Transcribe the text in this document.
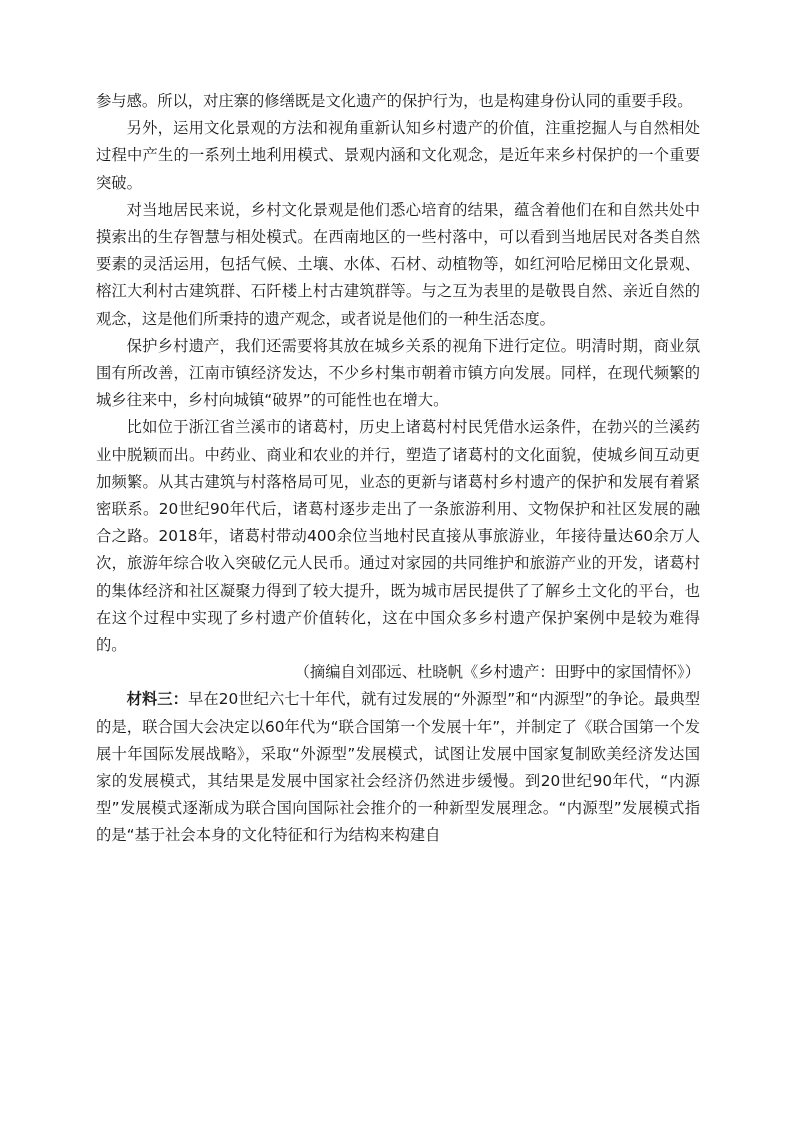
参与感。所以，对庄寨的修缮既是文化遗产的保护行为，也是构建身份认同的重要手段。

另外，运用文化景观的方法和视角重新认知乡村遗产的价值，注重挖掘人与自然相处过程中产生的一系列土地利用模式、景观内涵和文化观念，是近年来乡村保护的一个重要突破。

对当地居民来说，乡村文化景观是他们悉心培育的结果，蕴含着他们在和自然共处中摸索出的生存智慧与相处模式。在西南地区的一些村落中，可以看到当地居民对各类自然要素的灵活运用，包括气候、土壤、水体、石材、动植物等，如红河哈尼梯田文化景观、榕江大利村古建筑群、石阡楼上村古建筑群等。与之互为表里的是敬畏自然、亲近自然的观念，这是他们所秉持的遗产观念，或者说是他们的一种生活态度。

保护乡村遗产，我们还需要将其放在城乡关系的视角下进行定位。明清时期，商业氛围有所改善，江南市镇经济发达，不少乡村集市朝着市镇方向发展。同样，在现代频繁的城乡往来中，乡村向城镇“破界”的可能性也在增大。

比如位于浙江省兰溪市的诸葛村，历史上诸葛村村民凭借水运条件，在勃兴的兰溪药业中脱颖而出。中药业、商业和农业的并行，塑造了诸葛村的文化面貌，使城乡间互动更加频繁。从其古建筑与村落格局可见，业态的更新与诸葛村乡村遗产的保护和发展有着紧密联系。20世纪90年代后，诸葛村逐步走出了一条旅游利用、文物保护和社区发展的融合之路。2018年，诸葛村带动400余位当地村民直接从事旅游业，年接待量达60余万人次，旅游年综合收入突破亿元人民币。通过对家园的共同维护和旅游产业的开发，诸葛村的集体经济和社区凝聚力得到了较大提升，既为城市居民提供了了解乡土文化的平台，也在这个过程中实现了乡村遗产价值转化，这在中国众多乡村遗产保护案例中是较为难得的。

（摘编自刘邵远、杜晓帆《乡村遗产：田野中的家国情怀》）

材料三：早在20世纪六七十年代，就有过发展的“外源型”和“内源型”的争论。最典型的是，联合国大会决定以60年代为“联合国第一个发展十年”，并制定了《联合国第一个发展十年国际发展战略》，采取“外源型”发展模式，试图让发展中国家复制欧美经济发达国家的发展模式，其结果是发展中国家社会经济仍然进步缓慢。到20世纪90年代，“内源型”发展模式逐渐成为联合国向国际社会推介的一种新型发展理念。“内源型”发展模式指的是“基于社会本身的文化特征和行为结构来构建自
